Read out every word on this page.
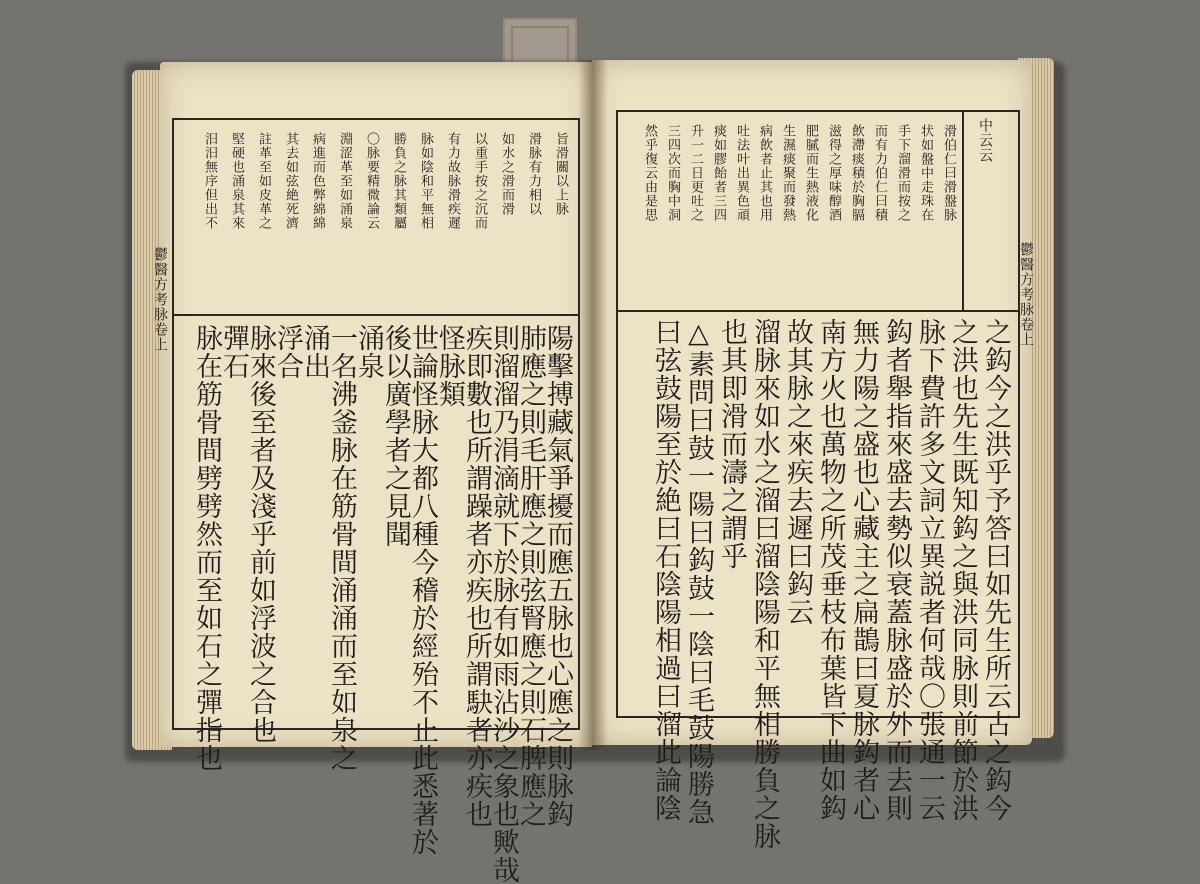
鬱醫方考脉卷上
旨滑關以上脉
滑脉有力相以
如水之滑而滑
以重手按之沉而
有力故脉滑疾遲
脉如陰和平無相
勝負之脉其類屬
〇脉要精微論云
淵涩革至如涌泉
病進而色弊綿綿
其去如弦絶死濟
註革至如皮革之
堅硬也涌泉其來
汨汨無序但出不
陽擊搏藏氣爭擾而應五脉也心應之則脉鈎
肺應之則毛肝應之則弦腎應之則石脾應之
則溜溜乃涓滴就下於脉有如雨沾沙之象也歟哉
疾即數也所謂躁者亦疾也所謂駃者亦疾也
怪脉類
世論怪脉大都八種今稽於經殆不止此悉著於
後以廣學者之見聞
涌泉
一名沸釜脉在筋骨間涌涌而至如泉之
涌出
浮合
脉來後至者及淺乎前如浮波之合也
彈石
脉在筋骨間劈劈然而至如石之彈指也
中云云
鬱醫方考脉卷上
滑伯仁曰滑盤脉
状如盤中走珠在
手下溜滑而按之
而有力伯仁曰積
飲滯痰積於胸膈
滋得之厚味醇酒
肥膩而生熱液化
生濕痰聚而發熱
病飲者止其也用
吐法叶出異色頑
痰如膠飴者三四
升一二日更吐之
三四次而胸中洞
然乎復云由是思
之鈎今之洪乎予答曰如先生所云古之鈎今
之洪也先生既知鈎之與洪同脉則前節於洪
脉下費許多文詞立異説者何哉〇張通一云
鈎者舉指來盛去勢似衰蓋脉盛於外而去則
無力陽之盛也心藏主之扁鵲曰夏脉鈎者心
南方火也萬物之所茂垂枝布葉皆下曲如鈎
故其脉之來疾去遲曰鈎云
溜脉來如水之溜曰溜陰陽和平無相勝負之脉
也其即滑而濤之謂乎
△素問曰鼓一陽曰鈎鼓一陰曰毛鼓陽勝急
曰弦鼓陽至於絶曰石陰陽相過曰溜此論陰
